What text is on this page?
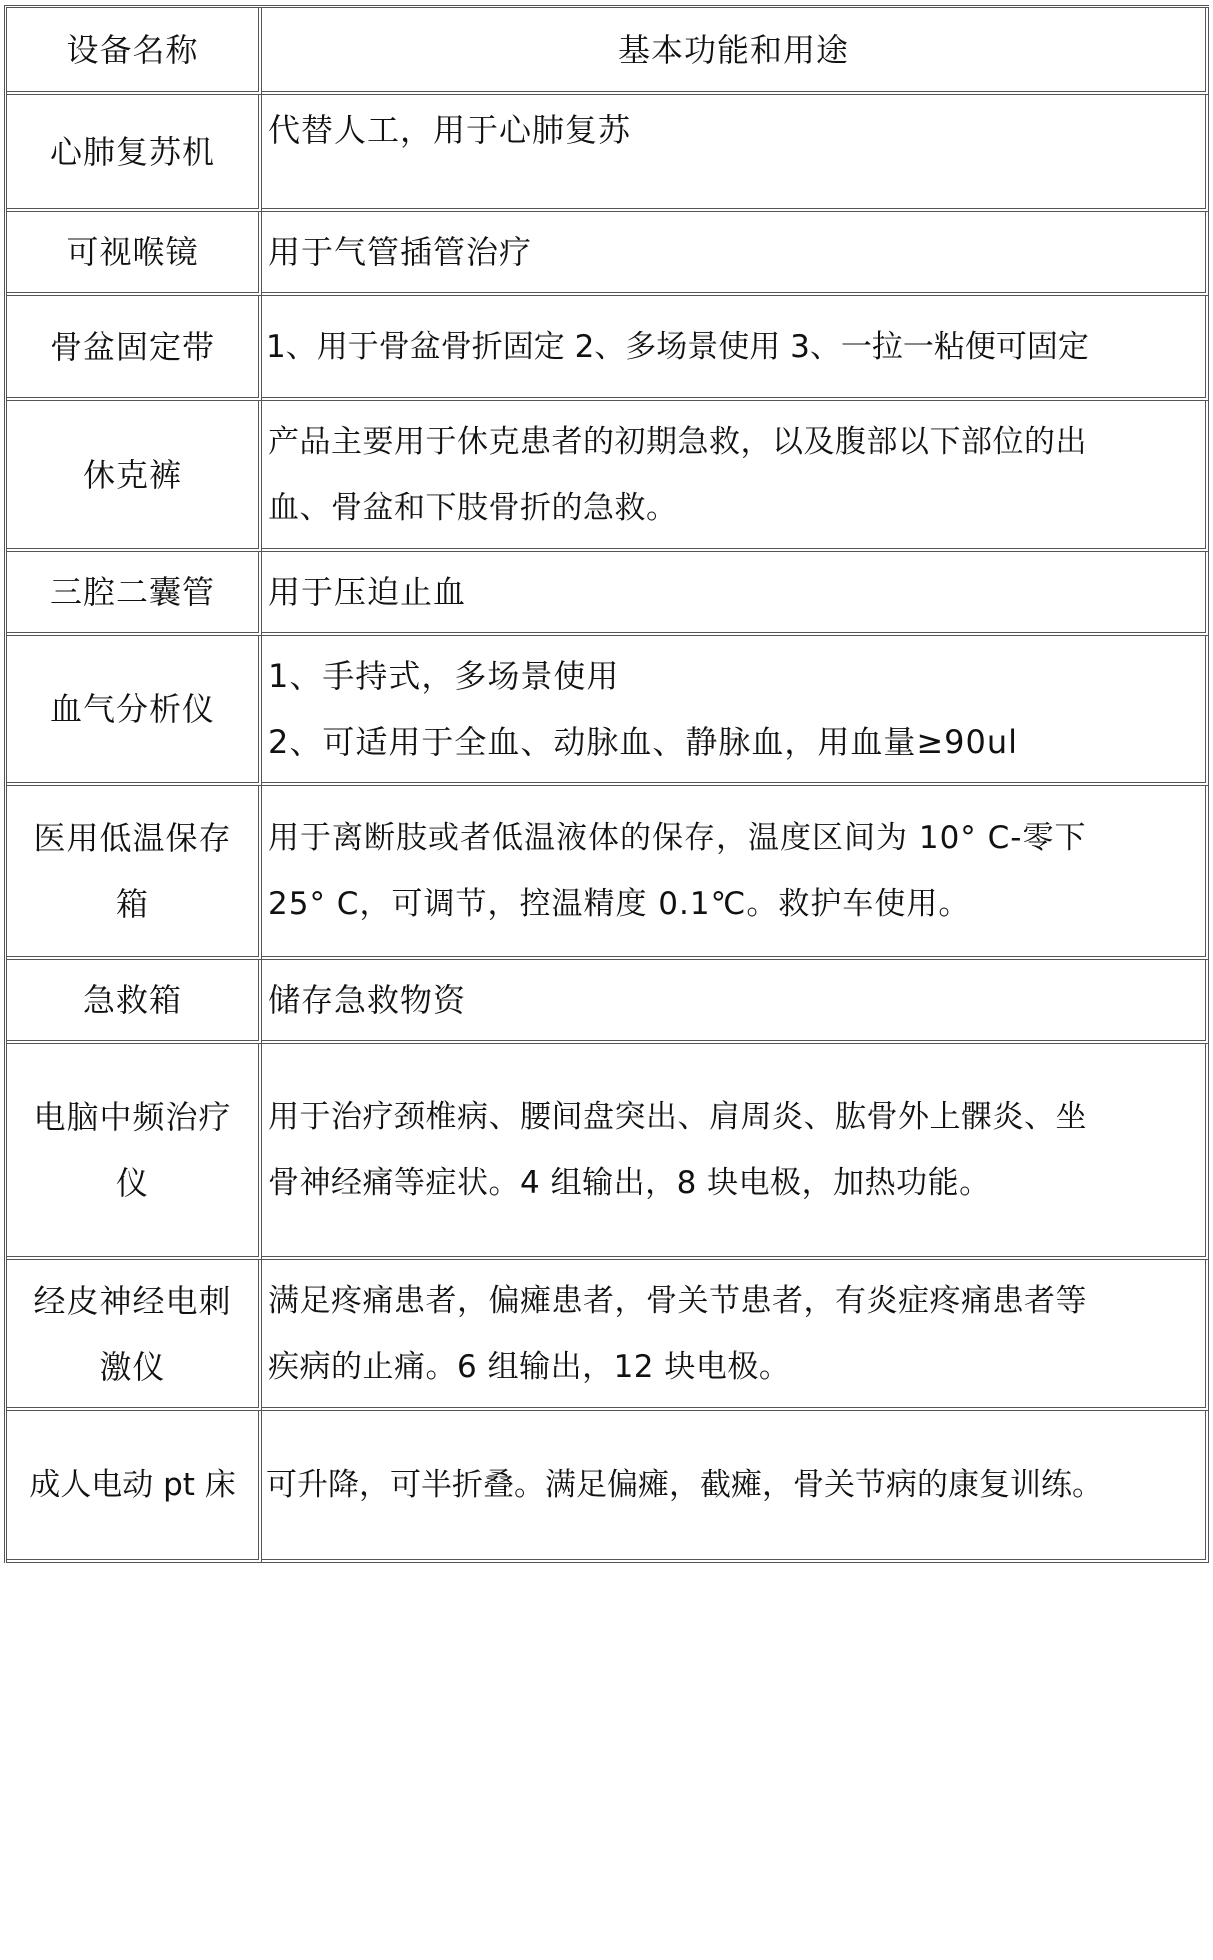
设备名称	基本功能和用途

心肺复苏机	代替人工，用于心肺复苏

可视喉镜	用于气管插管治疗

骨盆固定带	1、用于骨盆骨折固定 2、多场景使用 3、一拉一粘便可固定

休克裤	产品主要用于休克患者的初期急救，以及腹部以下部位的出
血、骨盆和下肢骨折的急救。

三腔二囊管	用于压迫止血

血气分析仪	1、手持式，多场景使用
2、可适用于全血、动脉血、静脉血，用血量≥90ul

医用低温保存
箱	用于离断肢或者低温液体的保存，温度区间为 10° C-零下
25° C，可调节，控温精度 0.1℃。救护车使用。

急救箱	储存急救物资

电脑中频治疗
仪	用于治疗颈椎病、腰间盘突出、肩周炎、肱骨外上髁炎、坐
骨神经痛等症状。4 组输出，8 块电极，加热功能。

经皮神经电刺
激仪	满足疼痛患者，偏瘫患者，骨关节患者，有炎症疼痛患者等
疾病的止痛。6 组输出，12 块电极。

成人电动 pt 床	可升降，可半折叠。满足偏瘫，截瘫，骨关节病的康复训练。
